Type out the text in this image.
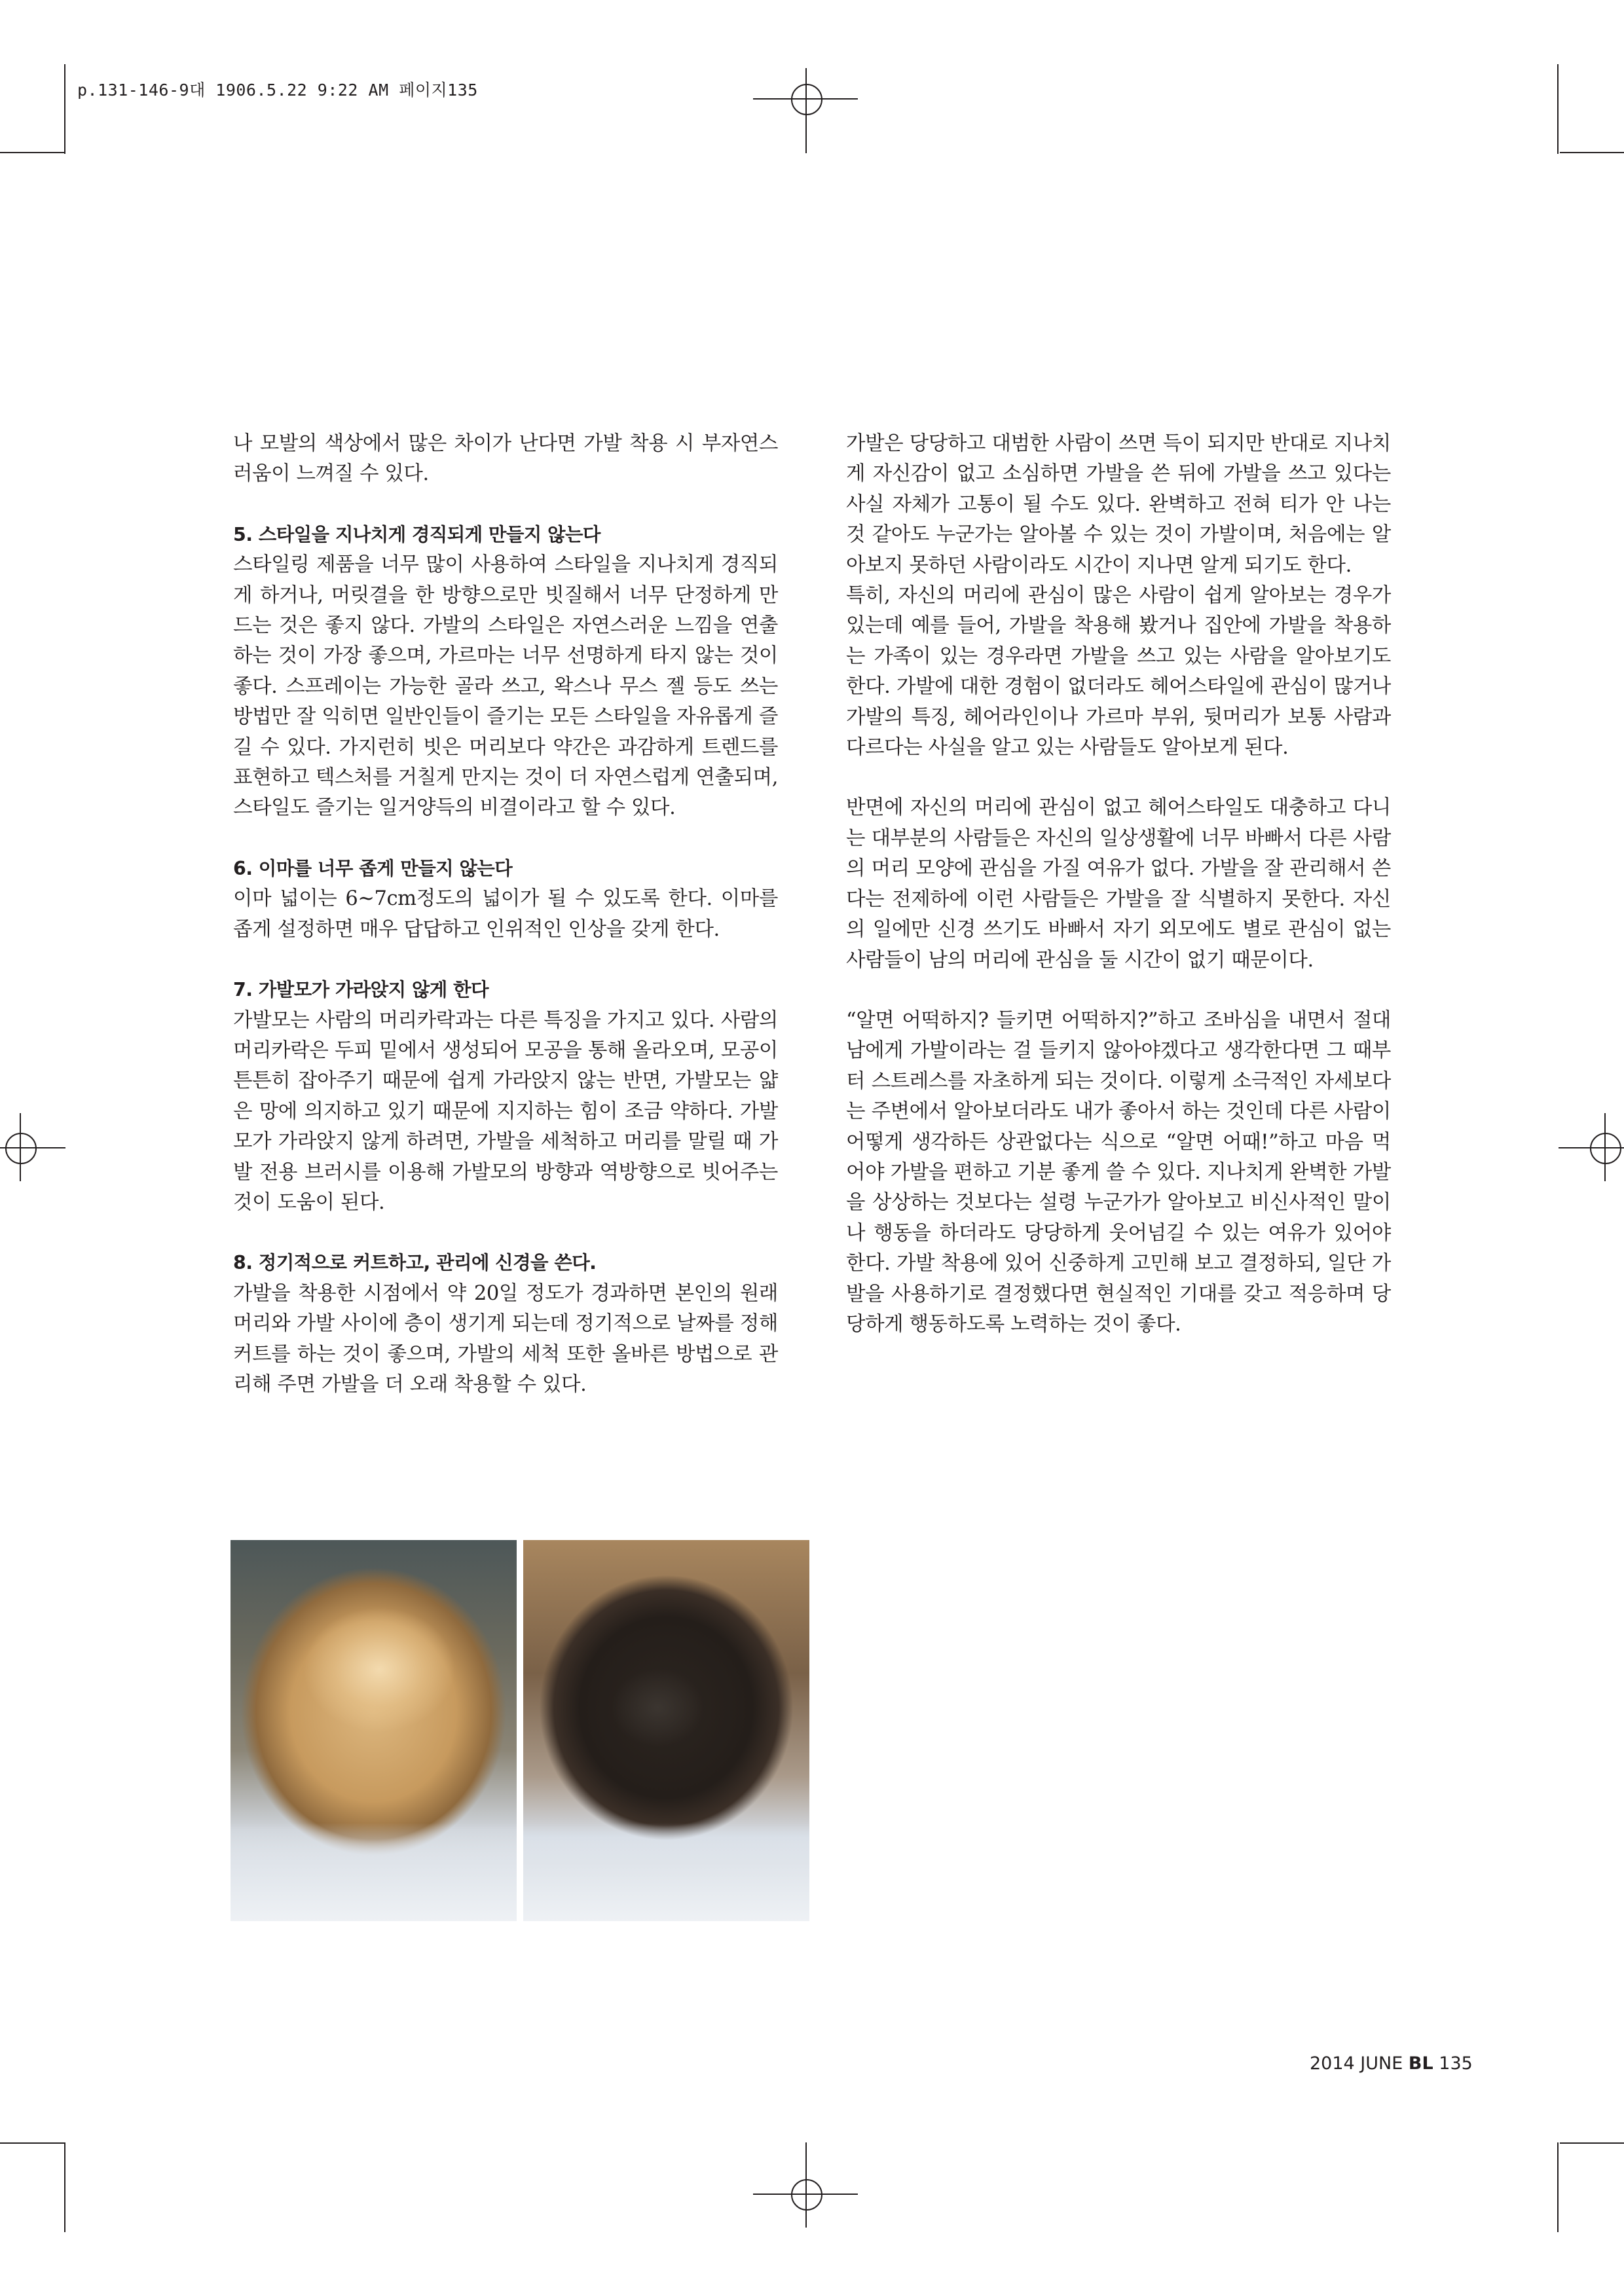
p.131-146-9대 1906.5.22 9:22 AM 페이지135

나 모발의 색상에서 많은 차이가 난다면 가발 착용 시 부자연스러움이 느껴질 수 있다.

5. 스타일을 지나치게 경직되게 만들지 않는다

스타일링 제품을 너무 많이 사용하여 스타일을 지나치게 경직되게 하거나, 머릿결을 한 방향으로만 빗질해서 너무 단정하게 만드는 것은 좋지 않다. 가발의 스타일은 자연스러운 느낌을 연출하는 것이 가장 좋으며, 가르마는 너무 선명하게 타지 않는 것이 좋다. 스프레이는 가능한 골라 쓰고, 왁스나 무스 젤 등도 쓰는 방법만 잘 익히면 일반인들이 즐기는 모든 스타일을 자유롭게 즐길 수 있다. 가지런히 빗은 머리보다 약간은 과감하게 트렌드를 표현하고 텍스처를 거칠게 만지는 것이 더 자연스럽게 연출되며, 스타일도 즐기는 일거양득의 비결이라고 할 수 있다.

6. 이마를 너무 좁게 만들지 않는다

이마 넓이는 6~7cm정도의 넓이가 될 수 있도록 한다. 이마를 좁게 설정하면 매우 답답하고 인위적인 인상을 갖게 한다.

7. 가발모가 가라앉지 않게 한다

가발모는 사람의 머리카락과는 다른 특징을 가지고 있다. 사람의 머리카락은 두피 밑에서 생성되어 모공을 통해 올라오며, 모공이 튼튼히 잡아주기 때문에 쉽게 가라앉지 않는 반면, 가발모는 얇은 망에 의지하고 있기 때문에 지지하는 힘이 조금 약하다. 가발모가 가라앉지 않게 하려면, 가발을 세척하고 머리를 말릴 때 가발 전용 브러시를 이용해 가발모의 방향과 역방향으로 빗어주는 것이 도움이 된다.

8. 정기적으로 커트하고, 관리에 신경을 쓴다.

가발을 착용한 시점에서 약 20일 정도가 경과하면 본인의 원래 머리와 가발 사이에 층이 생기게 되는데 정기적으로 날짜를 정해 커트를 하는 것이 좋으며, 가발의 세척 또한 올바른 방법으로 관리해 주면 가발을 더 오래 착용할 수 있다.

가발은 당당하고 대범한 사람이 쓰면 득이 되지만 반대로 지나치게 자신감이 없고 소심하면 가발을 쓴 뒤에 가발을 쓰고 있다는 사실 자체가 고통이 될 수도 있다. 완벽하고 전혀 티가 안 나는 것 같아도 누군가는 알아볼 수 있는 것이 가발이며, 처음에는 알아보지 못하던 사람이라도 시간이 지나면 알게 되기도 한다.

특히, 자신의 머리에 관심이 많은 사람이 쉽게 알아보는 경우가 있는데 예를 들어, 가발을 착용해 봤거나 집안에 가발을 착용하는 가족이 있는 경우라면 가발을 쓰고 있는 사람을 알아보기도 한다. 가발에 대한 경험이 없더라도 헤어스타일에 관심이 많거나 가발의 특징, 헤어라인이나 가르마 부위, 뒷머리가 보통 사람과 다르다는 사실을 알고 있는 사람들도 알아보게 된다.

반면에 자신의 머리에 관심이 없고 헤어스타일도 대충하고 다니는 대부분의 사람들은 자신의 일상생활에 너무 바빠서 다른 사람의 머리 모양에 관심을 가질 여유가 없다. 가발을 잘 관리해서 쓴다는 전제하에 이런 사람들은 가발을 잘 식별하지 못한다. 자신의 일에만 신경 쓰기도 바빠서 자기 외모에도 별로 관심이 없는 사람들이 남의 머리에 관심을 둘 시간이 없기 때문이다.

“알면 어떡하지? 들키면 어떡하지?”하고 조바심을 내면서 절대 남에게 가발이라는 걸 들키지 않아야겠다고 생각한다면 그 때부터 스트레스를 자초하게 되는 것이다. 이렇게 소극적인 자세보다는 주변에서 알아보더라도 내가 좋아서 하는 것인데 다른 사람이 어떻게 생각하든 상관없다는 식으로 “알면 어때!”하고 마음 먹어야 가발을 편하고 기분 좋게 쓸 수 있다. 지나치게 완벽한 가발을 상상하는 것보다는 설령 누군가가 알아보고 비신사적인 말이나 행동을 하더라도 당당하게 웃어넘길 수 있는 여유가 있어야 한다. 가발 착용에 있어 신중하게 고민해 보고 결정하되, 일단 가발을 사용하기로 결정했다면 현실적인 기대를 갖고 적응하며 당당하게 행동하도록 노력하는 것이 좋다.

2014 JUNE BL 135
